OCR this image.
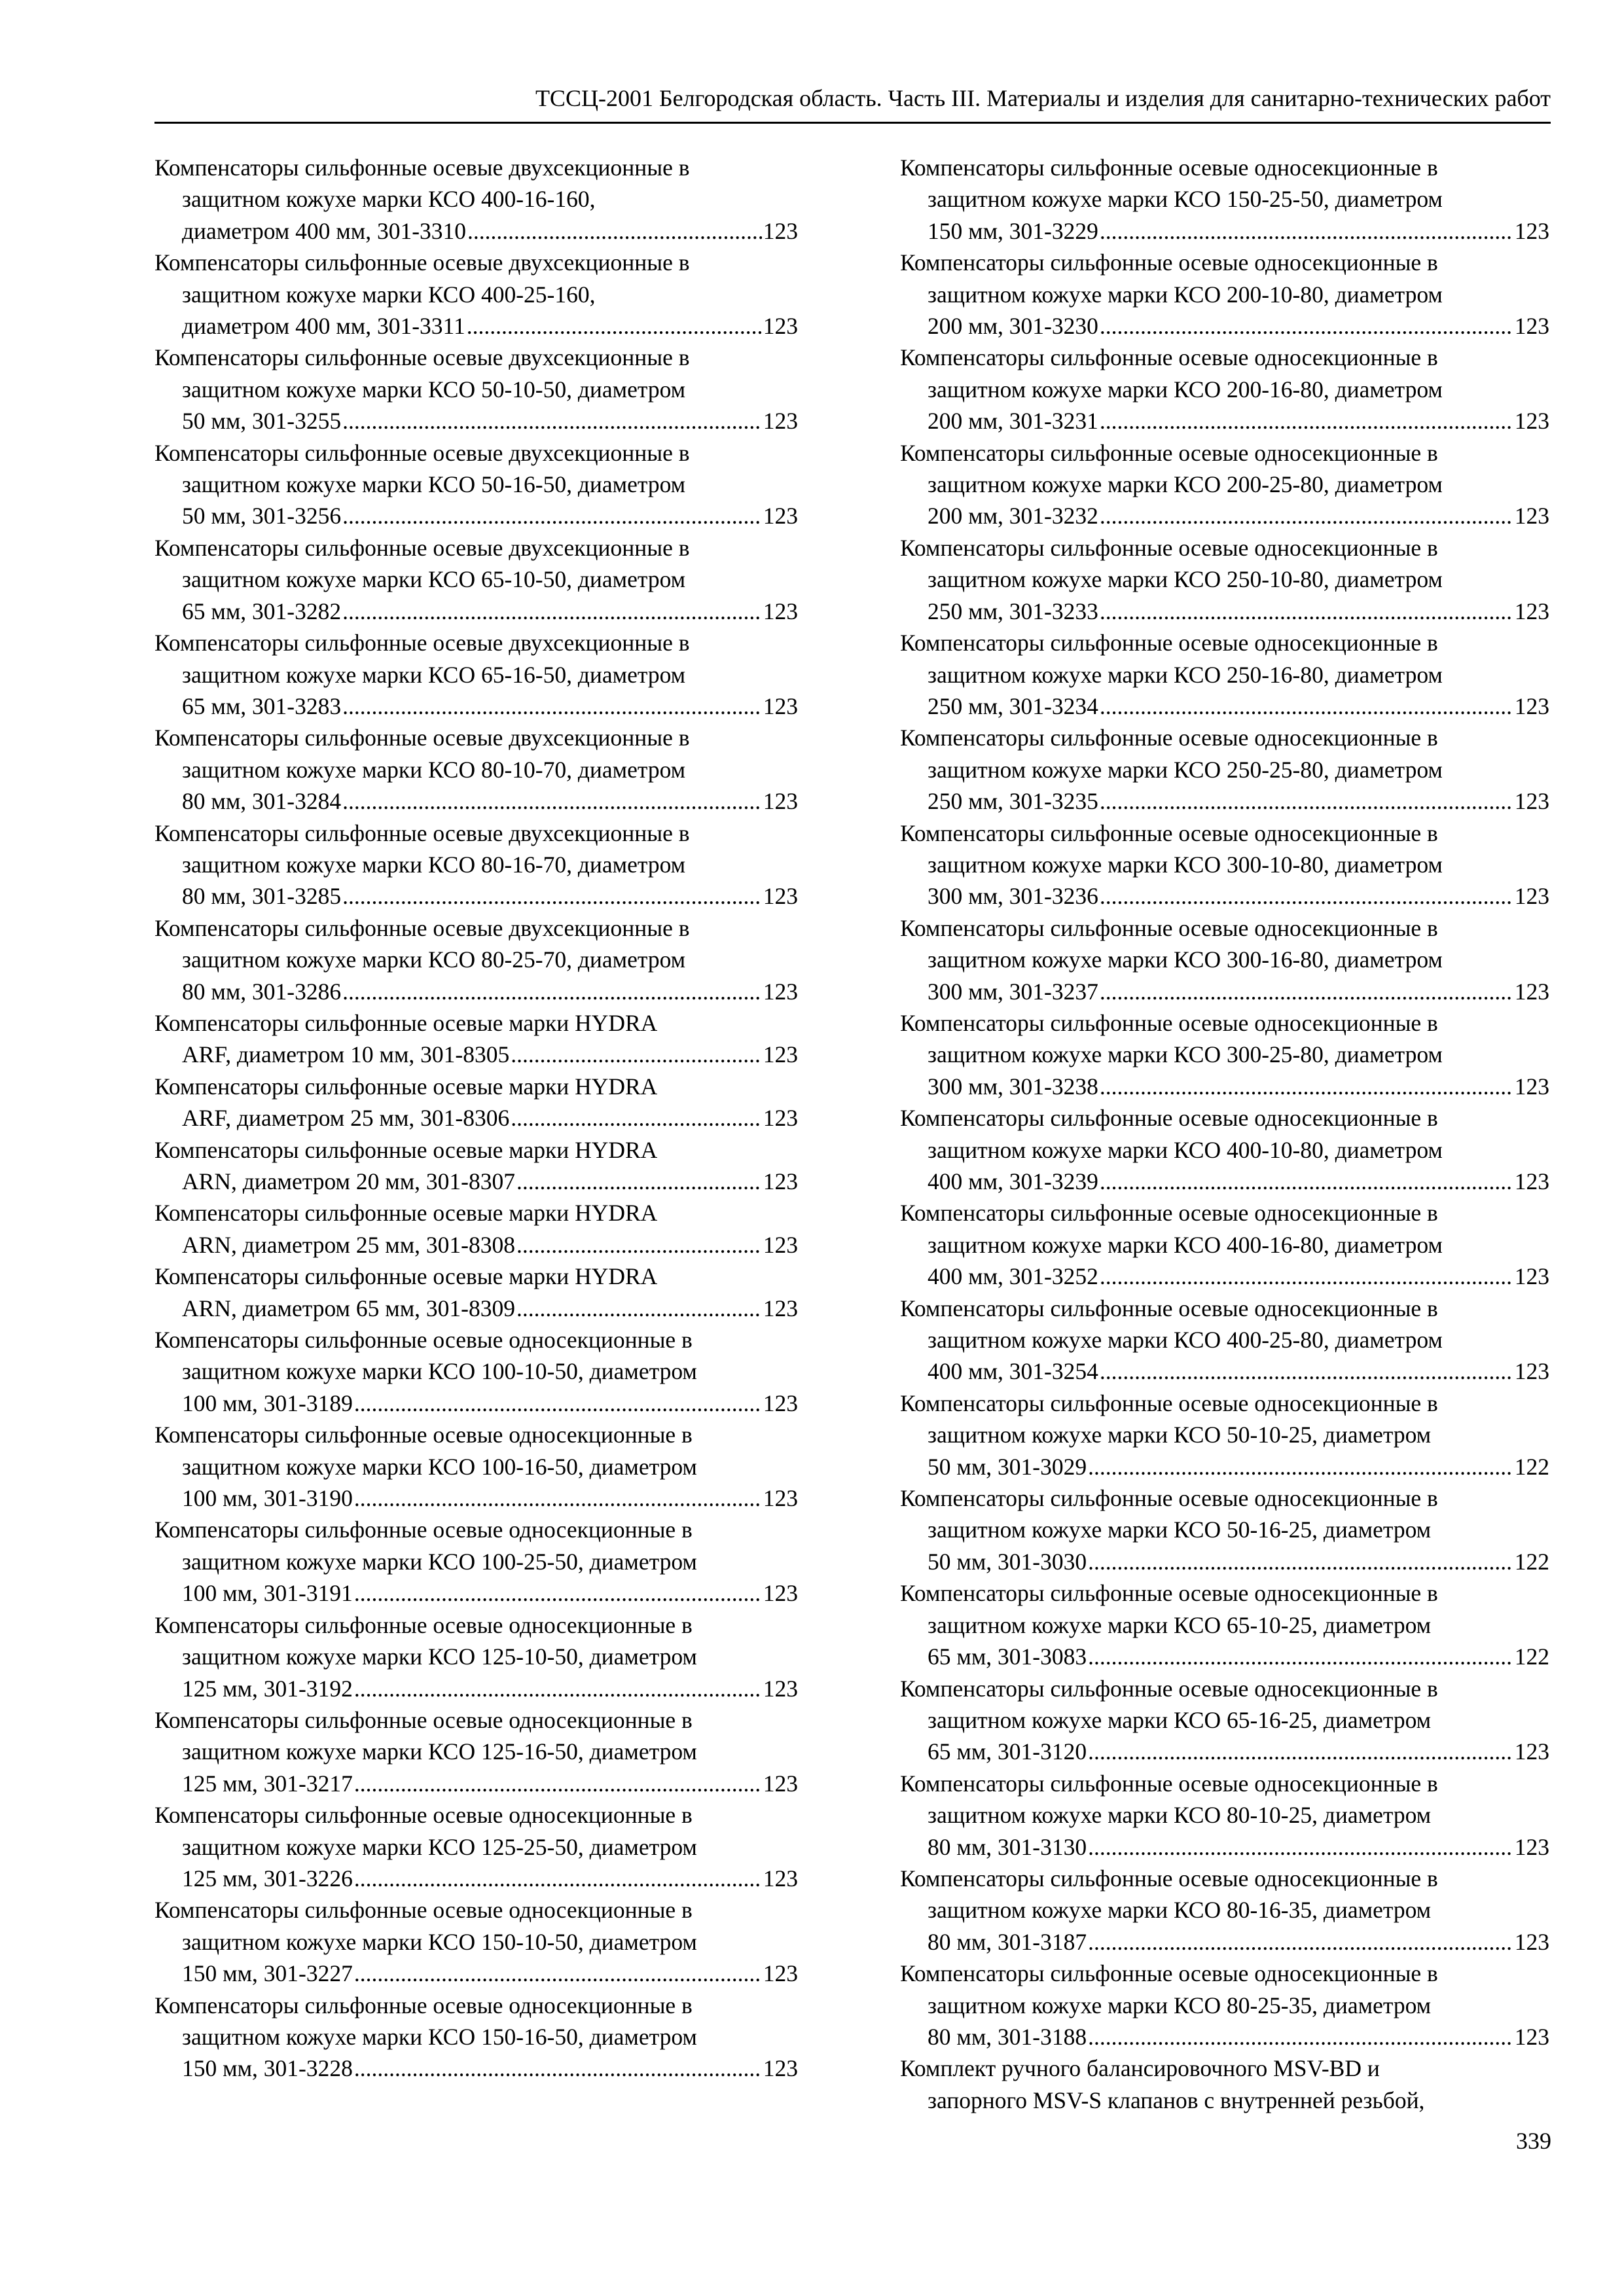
ТССЦ-2001 Белгородская область. Часть III. Материалы и изделия для санитарно-технических работ
Компенсаторы сильфонные осевые двухсекционные в
защитном кожухе марки КСО 400-16-160,
диаметром 400 мм, 301-3310 .....	123
Компенсаторы сильфонные осевые двухсекционные в
защитном кожухе марки КСО 400-25-160,
диаметром 400 мм, 301-3311 .....	123
Компенсаторы сильфонные осевые двухсекционные в
защитном кожухе марки КСО 50-10-50, диаметром
50 мм, 301-3255 .....	123
Компенсаторы сильфонные осевые двухсекционные в
защитном кожухе марки КСО 50-16-50, диаметром
50 мм, 301-3256 .....	123
Компенсаторы сильфонные осевые двухсекционные в
защитном кожухе марки КСО 65-10-50, диаметром
65 мм, 301-3282 .....	123
Компенсаторы сильфонные осевые двухсекционные в
защитном кожухе марки КСО 65-16-50, диаметром
65 мм, 301-3283 .....	123
Компенсаторы сильфонные осевые двухсекционные в
защитном кожухе марки КСО 80-10-70, диаметром
80 мм, 301-3284 .....	123
Компенсаторы сильфонные осевые двухсекционные в
защитном кожухе марки КСО 80-16-70, диаметром
80 мм, 301-3285 .....	123
Компенсаторы сильфонные осевые двухсекционные в
защитном кожухе марки КСО 80-25-70, диаметром
80 мм, 301-3286 .....	123
Компенсаторы сильфонные осевые марки HYDRA
ARF, диаметром 10 мм, 301-8305 .....	123
Компенсаторы сильфонные осевые марки HYDRA
ARF, диаметром 25 мм, 301-8306 .....	123
Компенсаторы сильфонные осевые марки HYDRA
ARN, диаметром 20 мм, 301-8307 .....	123
Компенсаторы сильфонные осевые марки HYDRA
ARN, диаметром 25 мм, 301-8308 .....	123
Компенсаторы сильфонные осевые марки HYDRA
ARN, диаметром 65 мм, 301-8309 .....	123
Компенсаторы сильфонные осевые односекционные в
защитном кожухе марки КСО 100-10-50, диаметром
100 мм, 301-3189 .....	123
Компенсаторы сильфонные осевые односекционные в
защитном кожухе марки КСО 100-16-50, диаметром
100 мм, 301-3190 .....	123
Компенсаторы сильфонные осевые односекционные в
защитном кожухе марки КСО 100-25-50, диаметром
100 мм, 301-3191 .....	123
Компенсаторы сильфонные осевые односекционные в
защитном кожухе марки КСО 125-10-50, диаметром
125 мм, 301-3192 .....	123
Компенсаторы сильфонные осевые односекционные в
защитном кожухе марки КСО 125-16-50, диаметром
125 мм, 301-3217 .....	123
Компенсаторы сильфонные осевые односекционные в
защитном кожухе марки КСО 125-25-50, диаметром
125 мм, 301-3226 .....	123
Компенсаторы сильфонные осевые односекционные в
защитном кожухе марки КСО 150-10-50, диаметром
150 мм, 301-3227 .....	123
Компенсаторы сильфонные осевые односекционные в
защитном кожухе марки КСО 150-16-50, диаметром
150 мм, 301-3228 .....	123
Компенсаторы сильфонные осевые односекционные в
защитном кожухе марки КСО 150-25-50, диаметром
150 мм, 301-3229 .....	123
Компенсаторы сильфонные осевые односекционные в
защитном кожухе марки КСО 200-10-80, диаметром
200 мм, 301-3230 .....	123
Компенсаторы сильфонные осевые односекционные в
защитном кожухе марки КСО 200-16-80, диаметром
200 мм, 301-3231 .....	123
Компенсаторы сильфонные осевые односекционные в
защитном кожухе марки КСО 200-25-80, диаметром
200 мм, 301-3232 .....	123
Компенсаторы сильфонные осевые односекционные в
защитном кожухе марки КСО 250-10-80, диаметром
250 мм, 301-3233 .....	123
Компенсаторы сильфонные осевые односекционные в
защитном кожухе марки КСО 250-16-80, диаметром
250 мм, 301-3234 .....	123
Компенсаторы сильфонные осевые односекционные в
защитном кожухе марки КСО 250-25-80, диаметром
250 мм, 301-3235 .....	123
Компенсаторы сильфонные осевые односекционные в
защитном кожухе марки КСО 300-10-80, диаметром
300 мм, 301-3236 .....	123
Компенсаторы сильфонные осевые односекционные в
защитном кожухе марки КСО 300-16-80, диаметром
300 мм, 301-3237 .....	123
Компенсаторы сильфонные осевые односекционные в
защитном кожухе марки КСО 300-25-80, диаметром
300 мм, 301-3238 .....	123
Компенсаторы сильфонные осевые односекционные в
защитном кожухе марки КСО 400-10-80, диаметром
400 мм, 301-3239 .....	123
Компенсаторы сильфонные осевые односекционные в
защитном кожухе марки КСО 400-16-80, диаметром
400 мм, 301-3252 .....	123
Компенсаторы сильфонные осевые односекционные в
защитном кожухе марки КСО 400-25-80, диаметром
400 мм, 301-3254 .....	123
Компенсаторы сильфонные осевые односекционные в
защитном кожухе марки КСО 50-10-25, диаметром
50 мм, 301-3029 .....	122
Компенсаторы сильфонные осевые односекционные в
защитном кожухе марки КСО 50-16-25, диаметром
50 мм, 301-3030 .....	122
Компенсаторы сильфонные осевые односекционные в
защитном кожухе марки КСО 65-10-25, диаметром
65 мм, 301-3083 .....	122
Компенсаторы сильфонные осевые односекционные в
защитном кожухе марки КСО 65-16-25, диаметром
65 мм, 301-3120 .....	123
Компенсаторы сильфонные осевые односекционные в
защитном кожухе марки КСО 80-10-25, диаметром
80 мм, 301-3130 .....	123
Компенсаторы сильфонные осевые односекционные в
защитном кожухе марки КСО 80-16-35, диаметром
80 мм, 301-3187 .....	123
Компенсаторы сильфонные осевые односекционные в
защитном кожухе марки КСО 80-25-35, диаметром
80 мм, 301-3188 .....	123
Комплект ручного балансировочного MSV-BD и
запорного MSV-S клапанов с внутренней резьбой,
339
